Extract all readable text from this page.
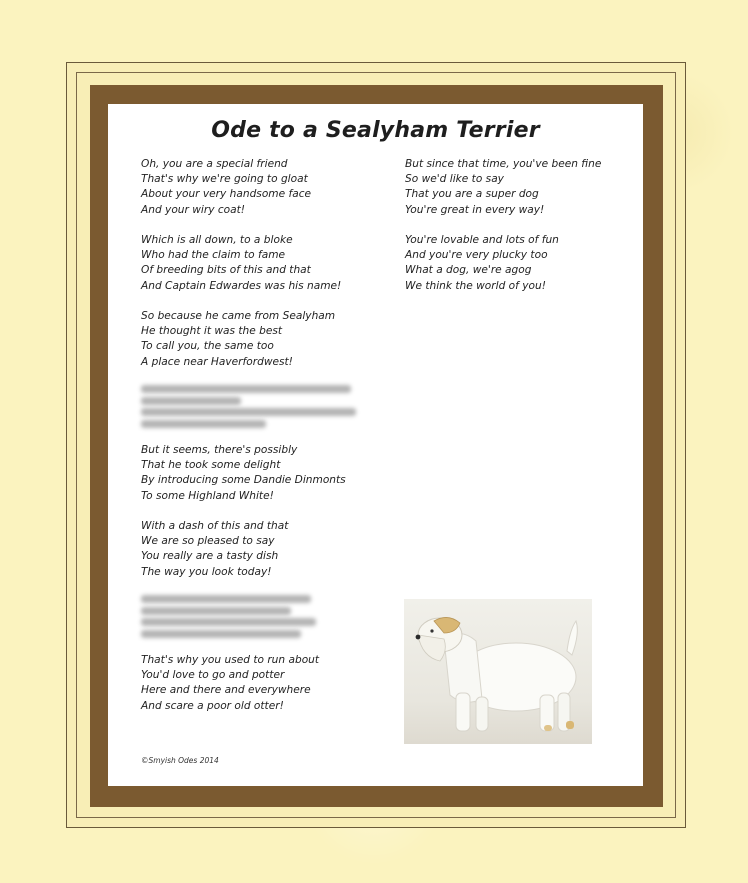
Ode to a Sealyham Terrier
Oh, you are a special friend
That's why we're going to gloat
About your very handsome face
And your wiry coat!
Which is all down, to a bloke
Who had the claim to fame
Of breeding bits of this and that
And Captain Edwardes was his name!
So because he came from Sealyham
He thought it was the best
To call you, the same too
A place near Haverfordwest!
But it seems, there's possibly
That he took some delight
By introducing some Dandie Dinmonts
To some Highland White!
With a dash of this and that
We are so pleased to say
You really are a tasty dish
The way you look today!
That's why you used to run about
You'd love to go and potter
Here and there and everywhere
And scare a poor old otter!
But since that time, you've been fine
So we'd like to say
That you are a super dog
You're great in every way!
You're lovable and lots of fun
And you're very plucky too
What a dog, we're agog
We think the world of you!
©Smyish Odes 2014
